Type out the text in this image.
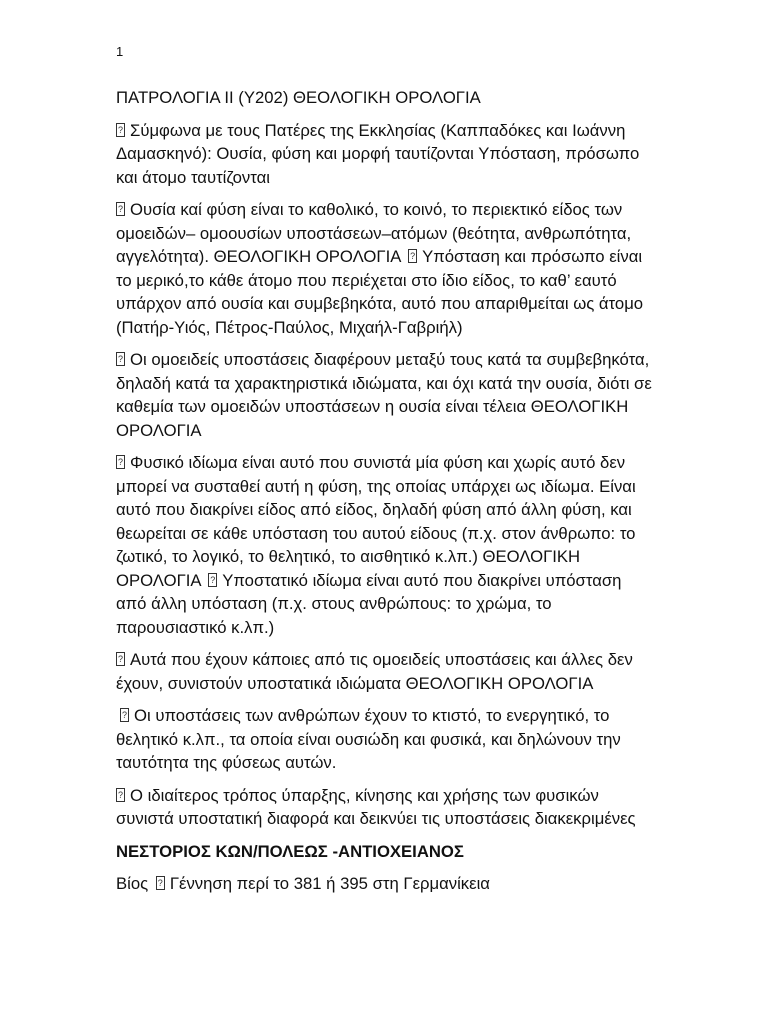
1
ΠΑΤΡΟΛΟΓΙΑ ΙΙ (Υ202) ΘΕΟΛΟΓΙΚΗ ΟΡΟΛΟΓΙΑ
?Σύμφωνα με τους Πατέρες της Εκκλησίας (Καππαδόκες και Ιωάννη Δαμασκηνό): Ουσία, φύση και μορφή ταυτίζονται Υπόσταση, πρόσωπο και άτομο ταυτίζονται
?Ουσία καί φύση είναι το καθολικό, το κοινό, το περιεκτικό είδος των ομοειδών– ομοουσίων υποστάσεων–ατόμων (θεότητα, ανθρωπότητα, αγγελότητα). ΘΕΟΛΟΓΙΚΗ ΟΡΟΛΟΓΙΑ ? Υπόσταση και πρόσωπο είναι το μερικό,το κάθε άτομο που περιέχεται στο ίδιο είδος, το καθ’ εαυτό υπάρχον από ουσία και συμβεβηκότα, αυτό που απαριθμείται ως άτομο (Πατήρ-Υιός, Πέτρος-Παύλος, Μιχαήλ-Γαβριήλ)
?Οι ομοειδείς υποστάσεις διαφέρουν μεταξύ τους κατά τα συμβεβηκότα, δηλαδή κατά τα χαρακτηριστικά ιδιώματα, και όχι κατά την ουσία, διότι σε καθεμία των ομοειδών υποστάσεων η ουσία είναι τέλεια ΘΕΟΛΟΓΙΚΗ ΟΡΟΛΟΓΙΑ
?Φυσικό ιδίωμα είναι αυτό που συνιστά μία φύση και χωρίς αυτό δεν μπορεί να συσταθεί αυτή η φύση, της οποίας υπάρχει ως ιδίωμα. Είναι αυτό που διακρίνει είδος από είδος, δηλαδή φύση από άλλη φύση, και θεωρείται σε κάθε υπόσταση του αυτού είδους (π.χ. στον άνθρωπο: το ζωτικό, το λογικό, το θελητικό, το αισθητικό κ.λπ.) ΘΕΟΛΟΓΙΚΗ ΟΡΟΛΟΓΙΑ ? Υποστατικό ιδίωμα είναι αυτό που διακρίνει υπόσταση από άλλη υπόσταση (π.χ. στους ανθρώπους: το χρώμα, το παρουσιαστικό κ.λπ.)
?Αυτά που έχουν κάποιες από τις ομοειδείς υποστάσεις και άλλες δεν έχουν, συνιστούν υποστατικά ιδιώματα ΘΕΟΛΟΓΙΚΗ ΟΡΟΛΟΓΙΑ
?Οι υποστάσεις των ανθρώπων έχουν το κτιστό, το ενεργητικό, το θελητικό κ.λπ., τα οποία είναι ουσιώδη και φυσικά, και δηλώνουν την ταυτότητα της φύσεως αυτών.
?Ο ιδιαίτερος τρόπος ύπαρξης, κίνησης και χρήσης των φυσικών συνιστά υποστατική διαφορά και δεικνύει τις υποστάσεις διακεκριμένες
ΝΕΣΤΟΡΙΟΣ ΚΩΝ/ΠΟΛΕΩΣ -ΑΝΤΙΟΧΕΙΑΝΟΣ
Βίος ? Γέννηση περί το 381 ή 395 στη Γερμανίκεια
